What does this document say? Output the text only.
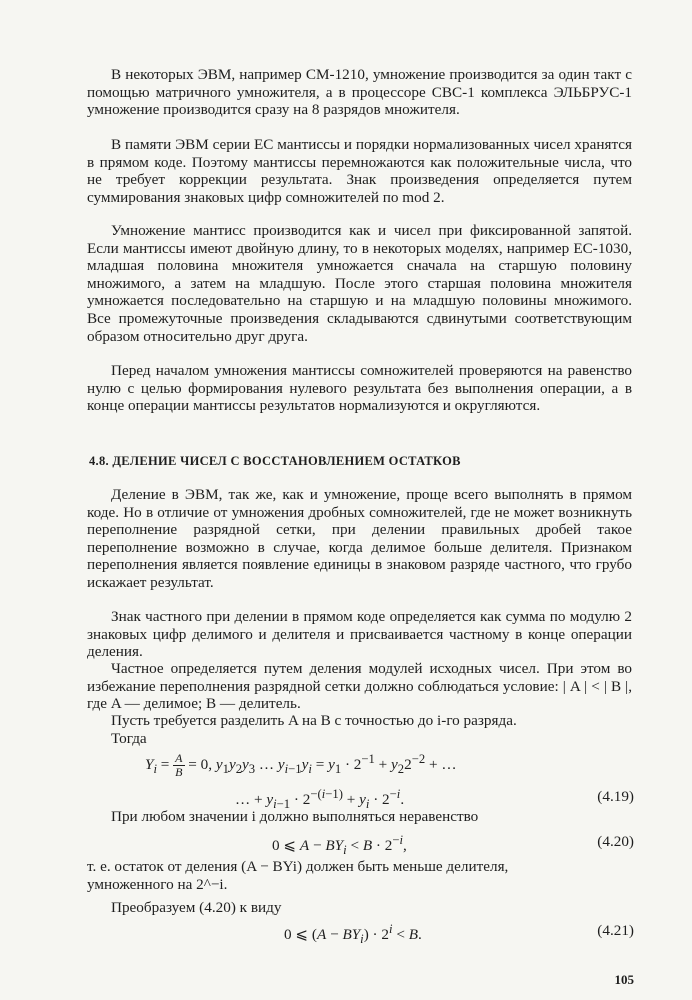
В некоторых ЭВМ, например СМ-1210, умножение производится за один такт с помощью матричного умножителя, а в процессоре СВС-1 комплекса ЭЛЬБРУС-1 умножение производится сразу на 8 разрядов множителя.

В памяти ЭВМ серии ЕС мантиссы и порядки нормализованных чисел хранятся в прямом коде. Поэтому мантиссы перемножаются как положительные числа, что не требует коррекции результата. Знак произведения определяется путем суммирования знаковых цифр сомножителей по mod 2.

Умножение мантисс производится как и чисел при фиксированной запятой. Если мантиссы имеют двойную длину, то в некоторых моделях, например ЕС-1030, младшая половина множителя умножается сначала на старшую половину множимого, а затем на младшую. После этого старшая половина множителя умножается последовательно на старшую и на младшую половины множимого. Все промежуточные произведения складываются сдвинутыми соответствующим образом относительно друг друга.

Перед началом умножения мантиссы сомножителей проверяются на равенство нулю с целью формирования нулевого результата без выполнения операции, а в конце операции мантиссы результатов нормализуются и округляются.

4.8. ДЕЛЕНИЕ ЧИСЕЛ С ВОССТАНОВЛЕНИЕМ ОСТАТКОВ

Деление в ЭВМ, так же, как и умножение, проще всего выполнять в прямом коде. Но в отличие от умножения дробных сомножителей, где не может возникнуть переполнение разрядной сетки, при делении правильных дробей такое переполнение возможно в случае, когда делимое больше делителя. Признаком переполнения является появление единицы в знаковом разряде частного, что грубо искажает результат.

Знак частного при делении в прямом коде определяется как сумма по модулю 2 знаковых цифр делимого и делителя и присваивается частному в конце операции деления.

Частное определяется путем деления модулей исходных чисел. При этом во избежание переполнения разрядной сетки должно соблюдаться условие: | A | < | B |, где A — делимое; B — делитель.

Пусть требуется разделить A на B с точностью до i-го разряда.
Тогда
$Y_i = \frac{A}{B} = 0$, $y_1y_2y_3$ … $y_{i-1}y_i = y_1 \cdot 2^{-1} + y_22^{-2}$ + …
… + $y_{i-1} \cdot 2^{-(i-1)} + y_i \cdot 2^{-i}$.	(4.19)
При любом значении i должно выполняться неравенство
0 ⩽ $A - BY_i < B \cdot 2^{-i}$,	(4.20)
т. е. остаток от деления (A − BYi) должен быть меньше делителя,
умноженного на 2^−i.
Преобразуем (4.20) к виду
0 ⩽ $(A - BY_i) \cdot 2^i < B$.	(4.21)
105
